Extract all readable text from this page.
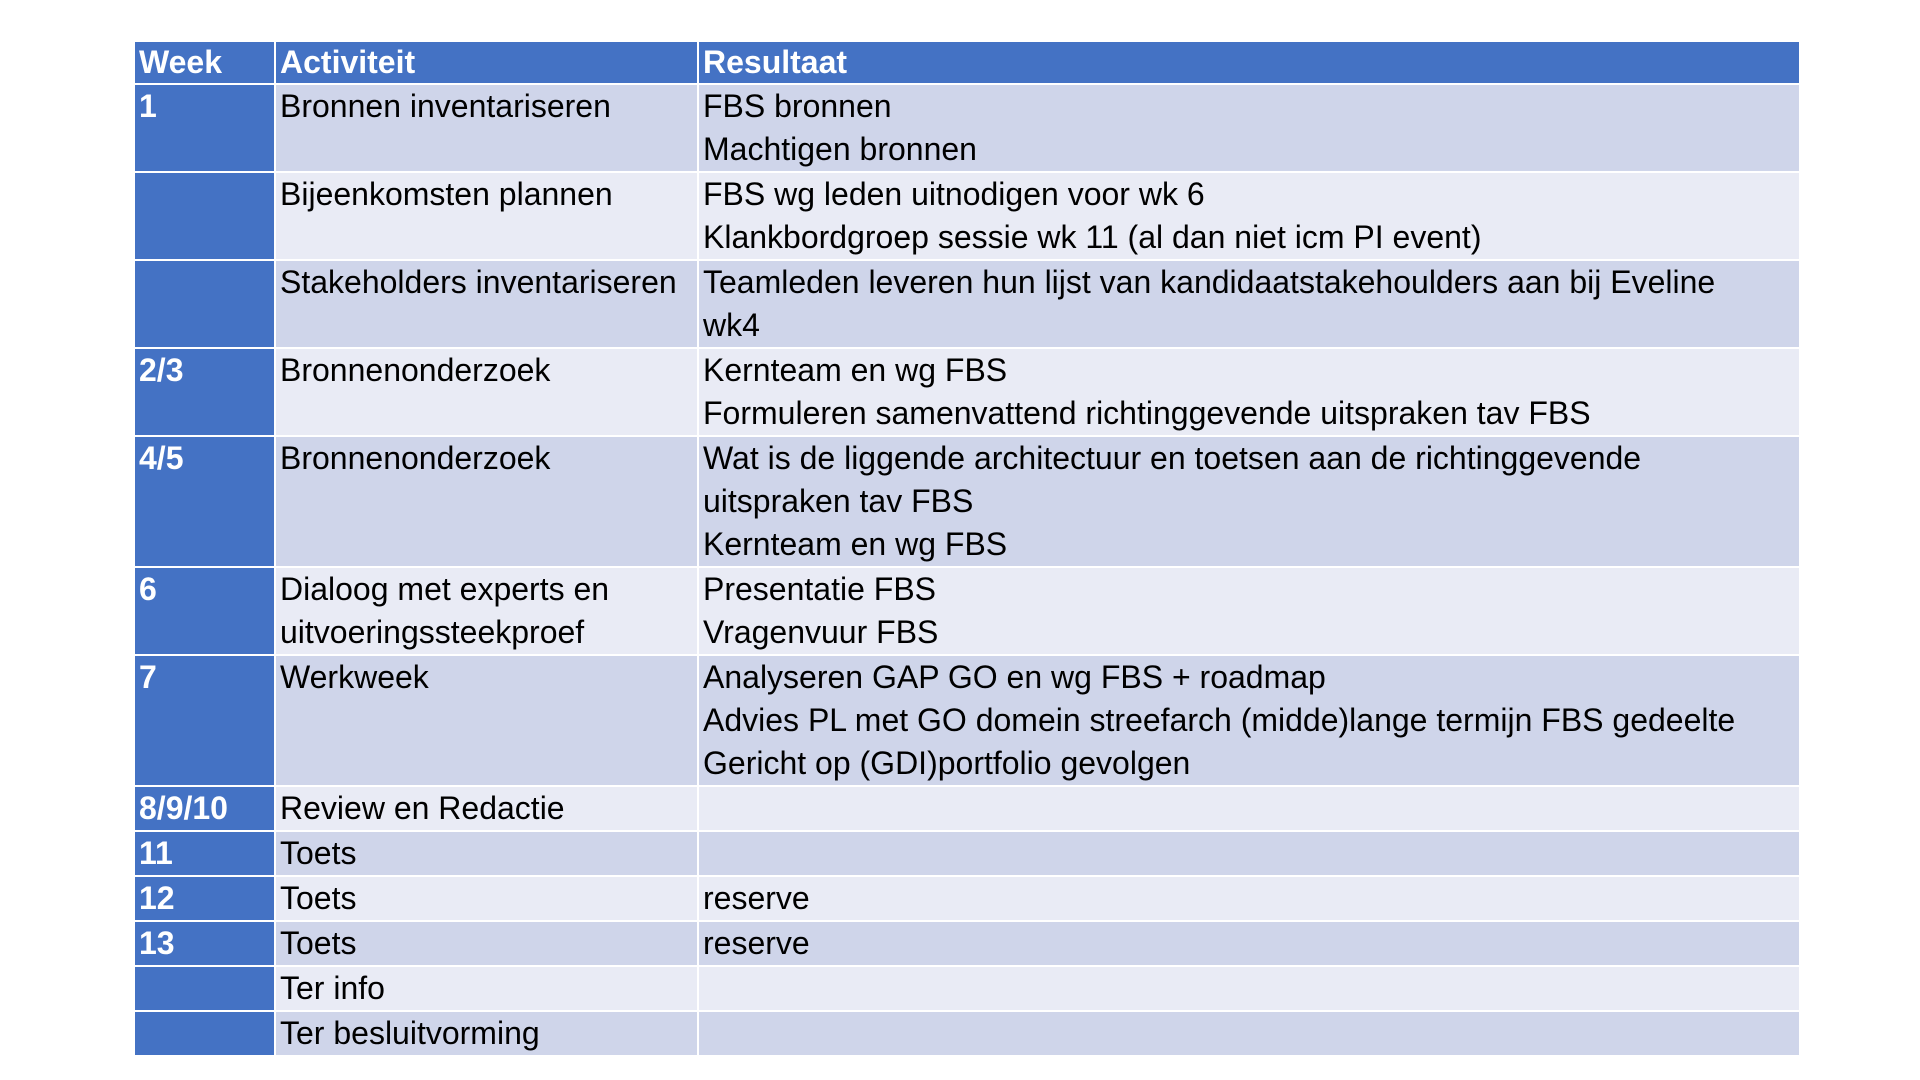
Week	Activiteit	Resultaat
1	Bronnen inventariseren	FBS bronnen
Machtigen bronnen

	Bijeenkomsten plannen	FBS wg leden uitnodigen voor wk 6
Klankbordgroep sessie wk 11 (al dan niet icm PI event)

	Stakeholders inventariseren	Teamleden leveren hun lijst van kandidaatstakehoulders aan bij Eveline
wk4

2/3	Bronnenonderzoek	Kernteam en wg FBS
Formuleren samenvattend richtinggevende uitspraken tav FBS

4/5	Bronnenonderzoek	Wat is de liggende architectuur en toetsen aan de richtinggevende
uitspraken tav FBS
Kernteam en wg FBS

6	Dialoog met experts en
uitvoeringssteekproef	Presentatie FBS
Vragenvuur FBS

7	Werkweek	Analyseren GAP GO en wg FBS + roadmap
Advies PL met GO domein streefarch (midde)lange termijn FBS gedeelte
Gericht op (GDI)portfolio gevolgen

8/9/10	Review en Redactie	

11	Toets	

12	Toets	reserve

13	Toets	reserve

	Ter info	

	Ter besluitvorming	
